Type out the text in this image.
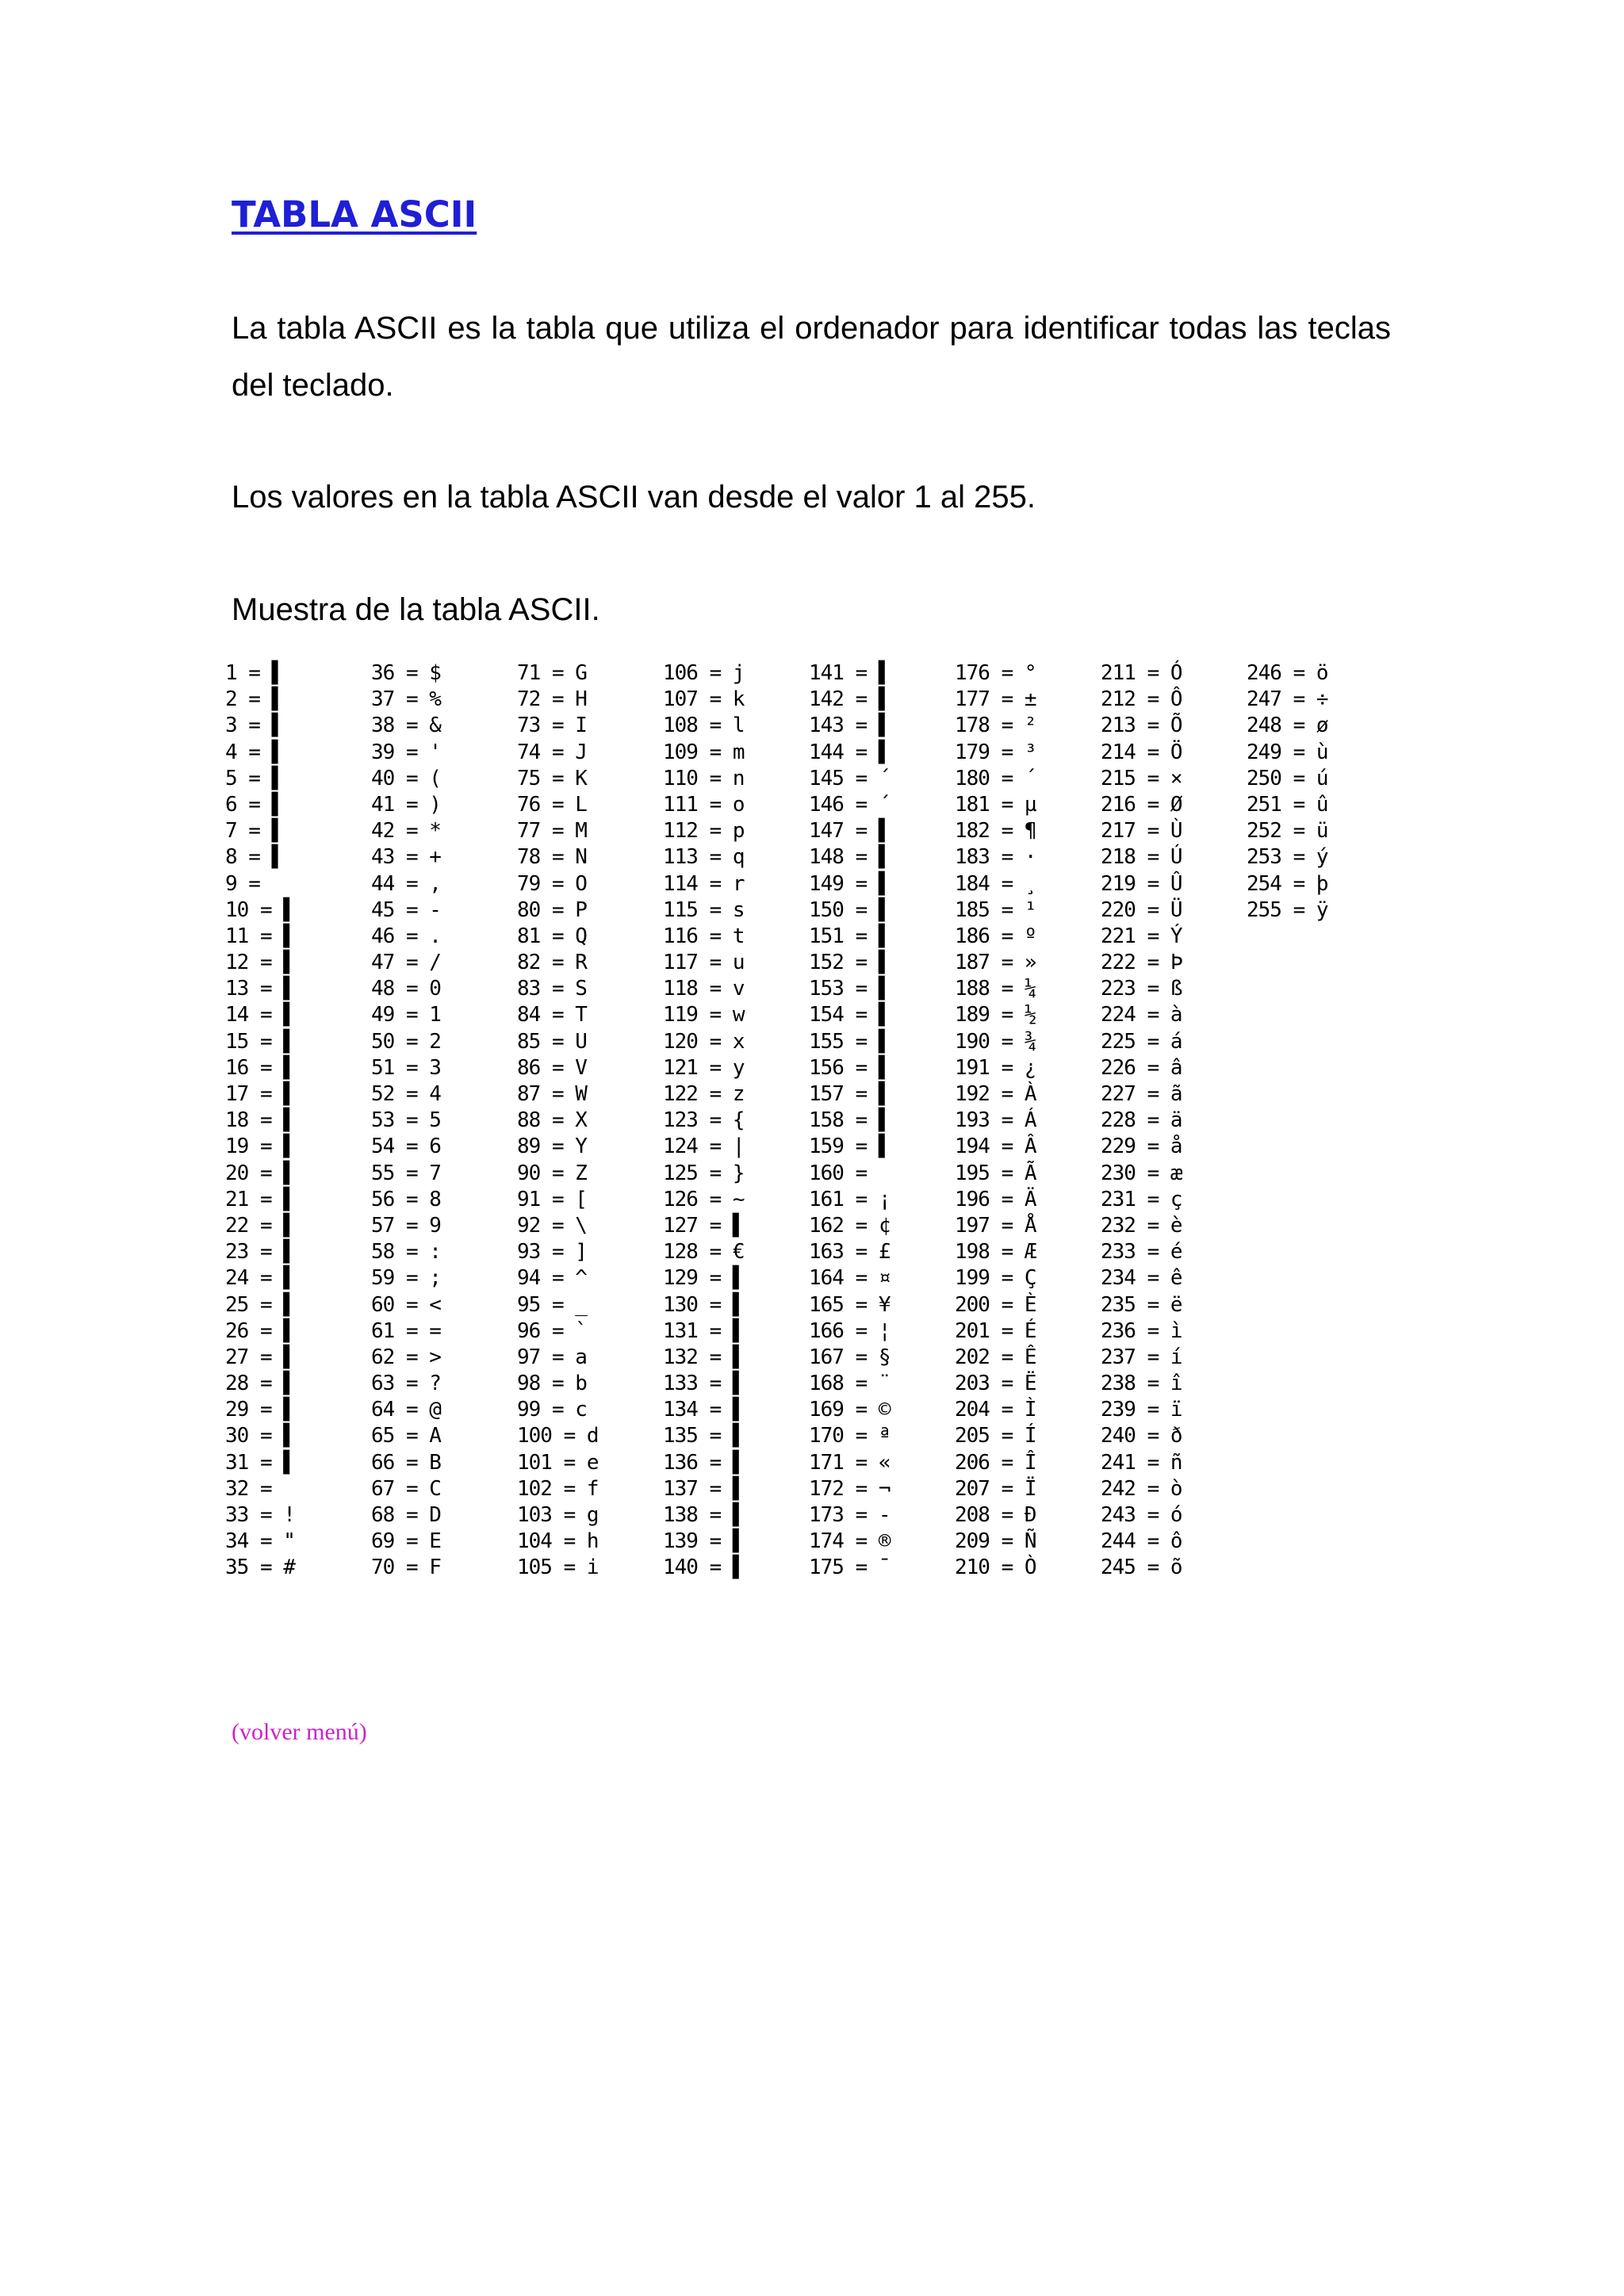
TABLA ASCII

La tabla ASCII es la tabla que utiliza el ordenador para identificar todas las teclas del teclado.

Los valores en la tabla ASCII van desde el valor 1 al 255.

Muestra de la tabla ASCII.

1 = ▌
2 = ▌
3 = ▌
4 = ▌
5 = ▌
6 = ▌
7 = ▌
8 = ▌
9 =
10 = ▌
11 = ▌
12 = ▌
13 = ▌
14 = ▌
15 = ▌
16 = ▌
17 = ▌
18 = ▌
19 = ▌
20 = ▌
21 = ▌
22 = ▌
23 = ▌
24 = ▌
25 = ▌
26 = ▌
27 = ▌
28 = ▌
29 = ▌
30 = ▌
31 = ▌
32 =
33 = !
34 = "
35 = #
36 = $
37 = %
38 = &
39 = '
40 = (
41 = )
42 = *
43 = +
44 = ,
45 = -
46 = .
47 = /
48 = 0
49 = 1
50 = 2
51 = 3
52 = 4
53 = 5
54 = 6
55 = 7
56 = 8
57 = 9
58 = :
59 = ;
60 = <
61 = =
62 = >
63 = ?
64 = @
65 = A
66 = B
67 = C
68 = D
69 = E
70 = F
71 = G
72 = H
73 = I
74 = J
75 = K
76 = L
77 = M
78 = N
79 = O
80 = P
81 = Q
82 = R
83 = S
84 = T
85 = U
86 = V
87 = W
88 = X
89 = Y
90 = Z
91 = [
92 = \
93 = ]
94 = ^
95 = _
96 = `
97 = a
98 = b
99 = c
100 = d
101 = e
102 = f
103 = g
104 = h
105 = i
106 = j
107 = k
108 = l
109 = m
110 = n
111 = o
112 = p
113 = q
114 = r
115 = s
116 = t
117 = u
118 = v
119 = w
120 = x
121 = y
122 = z
123 = {
124 = |
125 = }
126 = ~
127 = ▌
128 = €
129 = ▌
130 = ▌
131 = ▌
132 = ▌
133 = ▌
134 = ▌
135 = ▌
136 = ▌
137 = ▌
138 = ▌
139 = ▌
140 = ▌
141 = ▌
142 = ▌
143 = ▌
144 = ▌
145 = ´
146 = ´
147 = ▌
148 = ▌
149 = ▌
150 = ▌
151 = ▌
152 = ▌
153 = ▌
154 = ▌
155 = ▌
156 = ▌
157 = ▌
158 = ▌
159 = ▌
160 =
161 = ¡
162 = ¢
163 = £
164 = ¤
165 = ¥
166 = ¦
167 = §
168 = ¨
169 = ©
170 = ª
171 = «
172 = ¬
173 = -
174 = ®
175 = ¯
176 = °
177 = ±
178 = ²
179 = ³
180 = ´
181 = µ
182 = ¶
183 = ·
184 = ¸
185 = ¹
186 = º
187 = »
188 = ¼
189 = ½
190 = ¾
191 = ¿
192 = À
193 = Á
194 = Â
195 = Ã
196 = Ä
197 = Å
198 = Æ
199 = Ç
200 = È
201 = É
202 = Ê
203 = Ë
204 = Ì
205 = Í
206 = Î
207 = Ï
208 = Ð
209 = Ñ
210 = Ò
211 = Ó
212 = Ô
213 = Õ
214 = Ö
215 = ×
216 = Ø
217 = Ù
218 = Ú
219 = Û
220 = Ü
221 = Ý
222 = Þ
223 = ß
224 = à
225 = á
226 = â
227 = ã
228 = ä
229 = å
230 = æ
231 = ç
232 = è
233 = é
234 = ê
235 = ë
236 = ì
237 = í
238 = î
239 = ï
240 = ð
241 = ñ
242 = ò
243 = ó
244 = ô
245 = õ
246 = ö
247 = ÷
248 = ø
249 = ù
250 = ú
251 = û
252 = ü
253 = ý
254 = þ
255 = ÿ
(volver menú)
